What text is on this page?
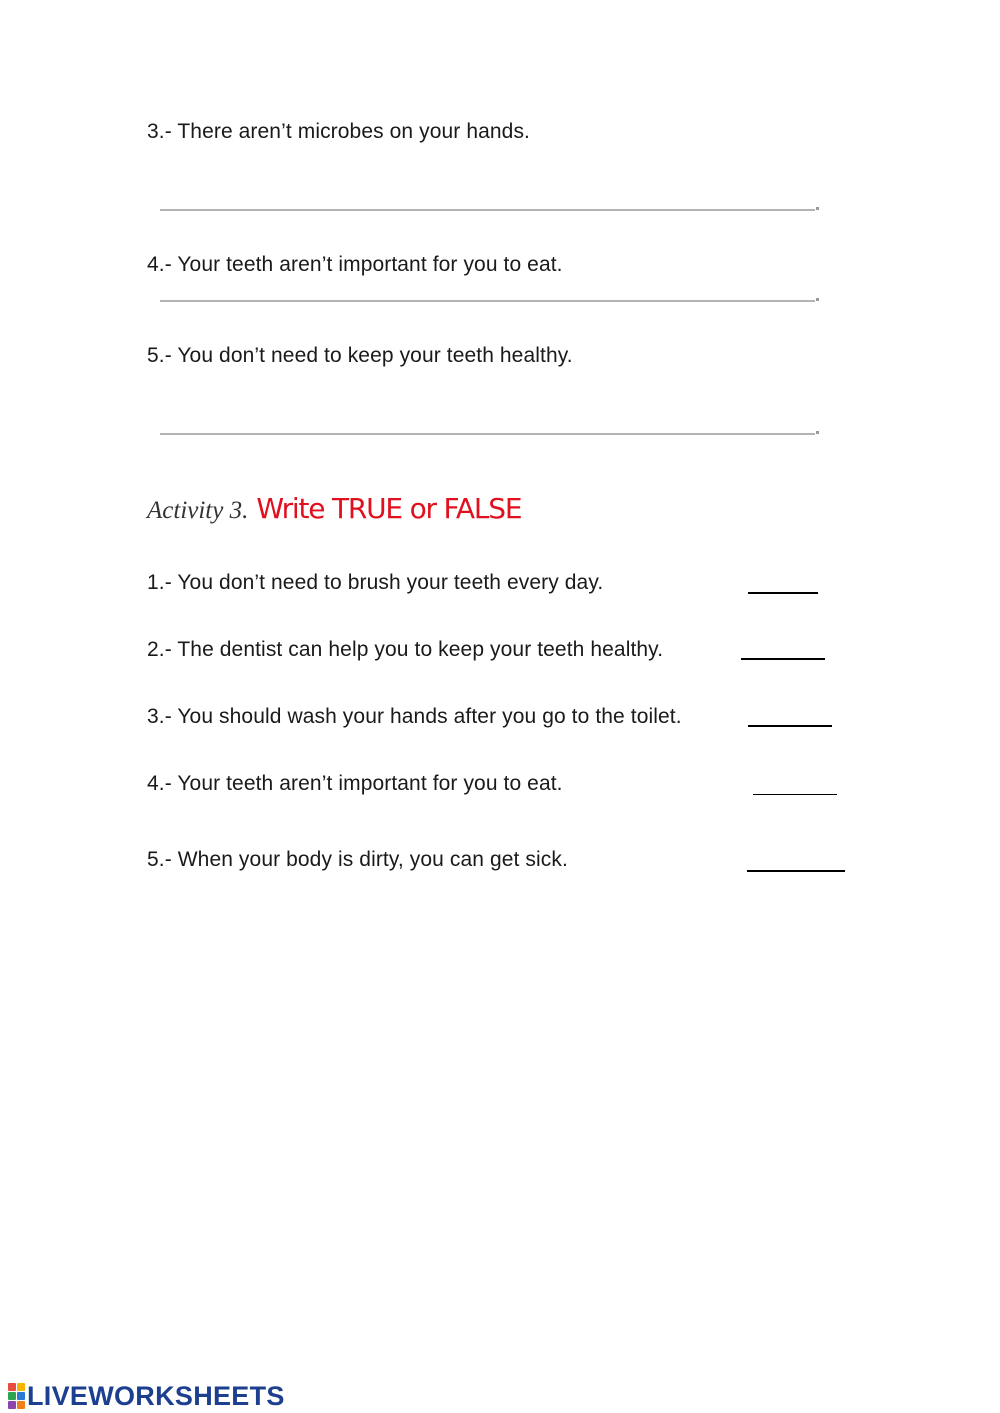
3.- There aren’t microbes on your hands.
4.- Your teeth aren’t important for you to eat.
5.- You don’t need to keep your teeth healthy.
Activity 3. Write TRUE or FALSE
1.- You don’t need to brush your teeth every day.
2.- The dentist can help you to keep your teeth healthy.
3.- You should wash your hands after you go to the toilet.
4.- Your teeth aren’t important for you to eat.
5.- When your body is dirty, you can get sick.
LIVEWORKSHEETS
